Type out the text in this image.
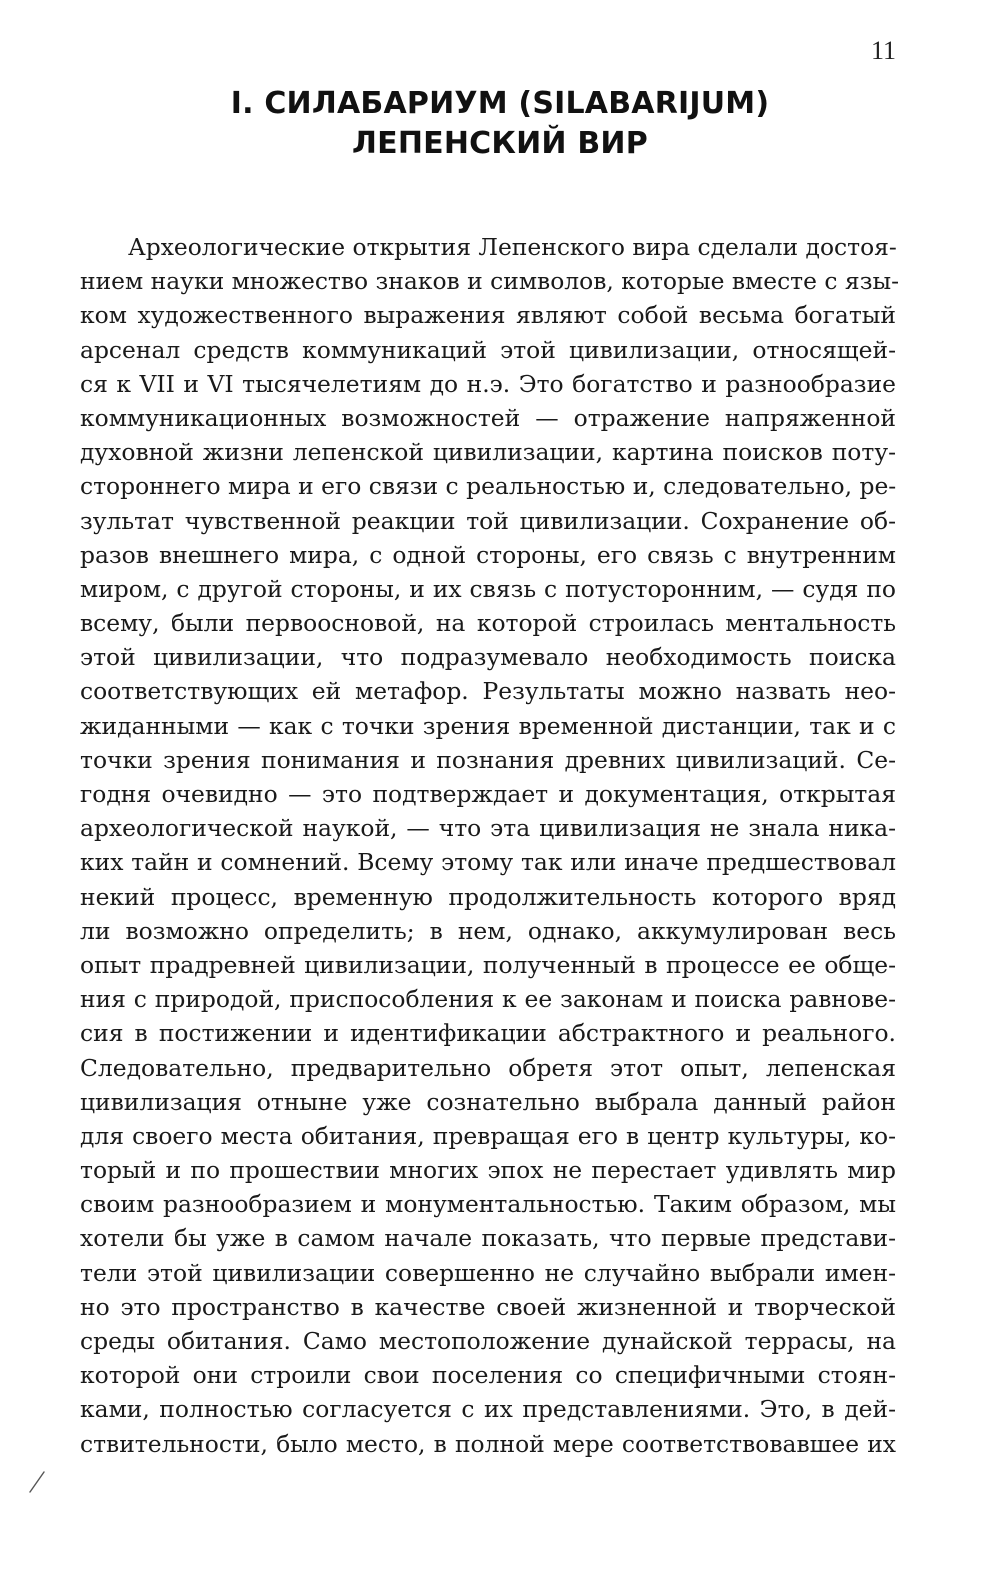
11

I. СИЛАБАРИУМ (SILABARIJUM)

ЛЕПЕНСКИЙ ВИР

Археологические открытия Лепенского вира сделали достоя-
нием науки множество знаков и символов, которые вместе с язы-
ком художественного выражения являют собой весьма богатый
арсенал средств коммуникаций этой цивилизации, относящей-
ся к VII и VI тысячелетиям до н.э. Это богатство и разнообразие
коммуникационных возможностей — отражение напряженной
духовной жизни лепенской цивилизации, картина поисков поту-
стороннего мира и его связи с реальностью и, следовательно, ре-
зультат чувственной реакции той цивилизации. Сохранение об-
разов внешнего мира, с одной стороны, его связь с внутренним
миром, с другой стороны, и их связь с потусторонним, — судя по
всему, были первоосновой, на которой строилась ментальность
этой цивилизации, что подразумевало необходимость поиска
соответствующих ей метафор. Результаты можно назвать нео-
жиданными — как с точки зрения временной дистанции, так и с
точки зрения понимания и познания древних цивилизаций. Се-
годня очевидно — это подтверждает и документация, открытая
археологической наукой, — что эта цивилизация не знала ника-
ких тайн и сомнений. Всему этому так или иначе предшествовал
некий процесс, временную продолжительность которого вряд
ли возможно определить; в нем, однако, аккумулирован весь
опыт прадревней цивилизации, полученный в процессе ее обще-
ния с природой, приспособления к ее законам и поиска равнове-
сия в постижении и идентификации абстрактного и реального.
Следовательно, предварительно обретя этот опыт, лепенская
цивилизация отныне уже сознательно выбрала данный район
для своего места обитания, превращая его в центр культуры, ко-
торый и по прошествии многих эпох не перестает удивлять мир
своим разнообразием и монументальностью. Таким образом, мы
хотели бы уже в самом начале показать, что первые представи-
тели этой цивилизации совершенно не случайно выбрали имен-
но это пространство в качестве своей жизненной и творческой
среды обитания. Само местоположение дунайской террасы, на
которой они строили свои поселения со специфичными стоян-
ками, полностью согласуется с их представлениями. Это, в дей-
ствительности, было место, в полной мере соответствовавшее их
